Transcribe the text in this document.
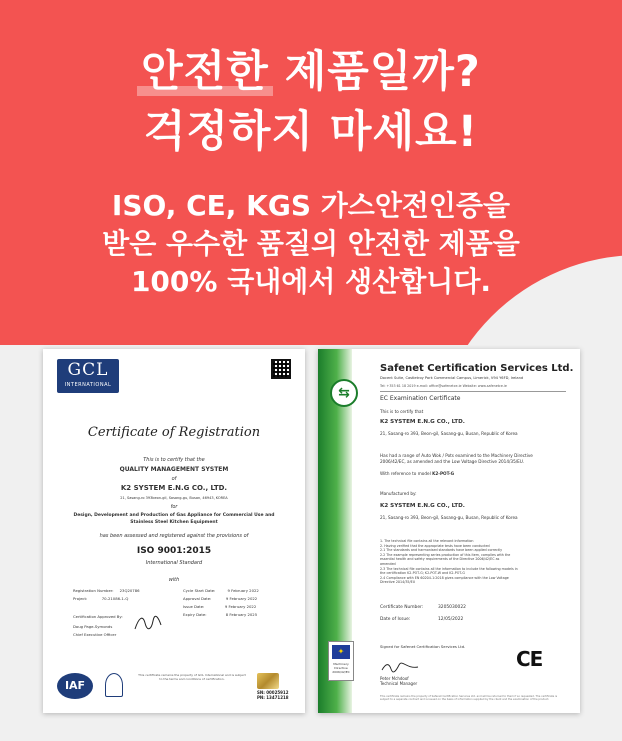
안전한 제품일까?
걱정하지 마세요!
ISO, CE, KGS 가스안전인증을
받은 우수한 품질의 안전한 제품을
100% 국내에서 생산합니다.
GCL
INTERNATIONAL
Certificate of Registration
This is to certify that the
QUALITY MANAGEMENT SYSTEM
of
K2 SYSTEM E.N.G CO., LTD.
21, Sasang-ro 393beon-gil, Sasang-gu, Busan, 46943, KOREA
for
Design, Development and Production of Gas Appliance for Commercial Use and
Stainless Steel Kitchen Equipment
has been assessed and registered against the provisions of
ISO 9001:2015
International Standard
with
Registration Number: 23Q20786
Project:	70-21086-1-Q
Cycle Start Date:	9 February 2022
Approval Date:	9 February 2022
Issue Date:	9 February 2022
Expiry Date:	8 February 2025
Certification Approved By:
Doug Page-Symonds
Chief Executive Officer
IAF
This certificate remains the property of GCL International and is subject to the terms and conditions of certification.
SN: 00025912
PN: 13471218
⇆
Safenet Certification Services Ltd.
Docent Suite, Castletroy Park Commercial Campus, Limerick, V94 Y6FD, Ireland
Tel: +353 61 18 2019 e-mail: office@safenetce.ie Website: www.safenetce.ie
EC Examination Certificate
This is to certify that
K2 SYSTEM E.N.G CO., LTD.
21, Sasang-ro 393, Beon-gil, Sasang-gu, Busan, Republic of Korea
Has had a range of Auto Wok / Pots examined to the Machinery Directive
2006/42/EC, as amended and the Low Voltage Directive 2014/35/EU.
With reference to model K2-POT-G
Manufactured by:
K2 SYSTEM E.N.G CO., LTD.
21, Sasang-ro 393, Beon-gil, Sasang-gu, Busan, Republic of Korea
1. The technical file contains all the relevant information
2. Having verified that the appropriate tests have been conducted
2.1 The standards and harmonised standards have been applied correctly
2.2 The example representing series production of this item, complies with the
essential health and safety requirements of the Directive 2006/42/EC as
amended
2.3 The technical file contains all the information to include the following models in
the certification K2-POT-G; K2-POT-W and K2-POT-G
2.4 Compliance with EN 60204-1:2018 gives compliance with the Low Voltage
Directive 2014/35/EU
Certificate Number:	3205030022
Date of Issue:	12/05/2022
Signed for Safenet Certification Services Ltd.
Peter Mchdoof
Technical Manager
CE
✦
Machinery Directive 2006/42/EC
This certificate remains the property of Safenet Certification Services Ltd. and will be returned to them if so requested. The certificate is subject to a separate contract and is issued on the basis of information supplied by the client and the examination of the product.
